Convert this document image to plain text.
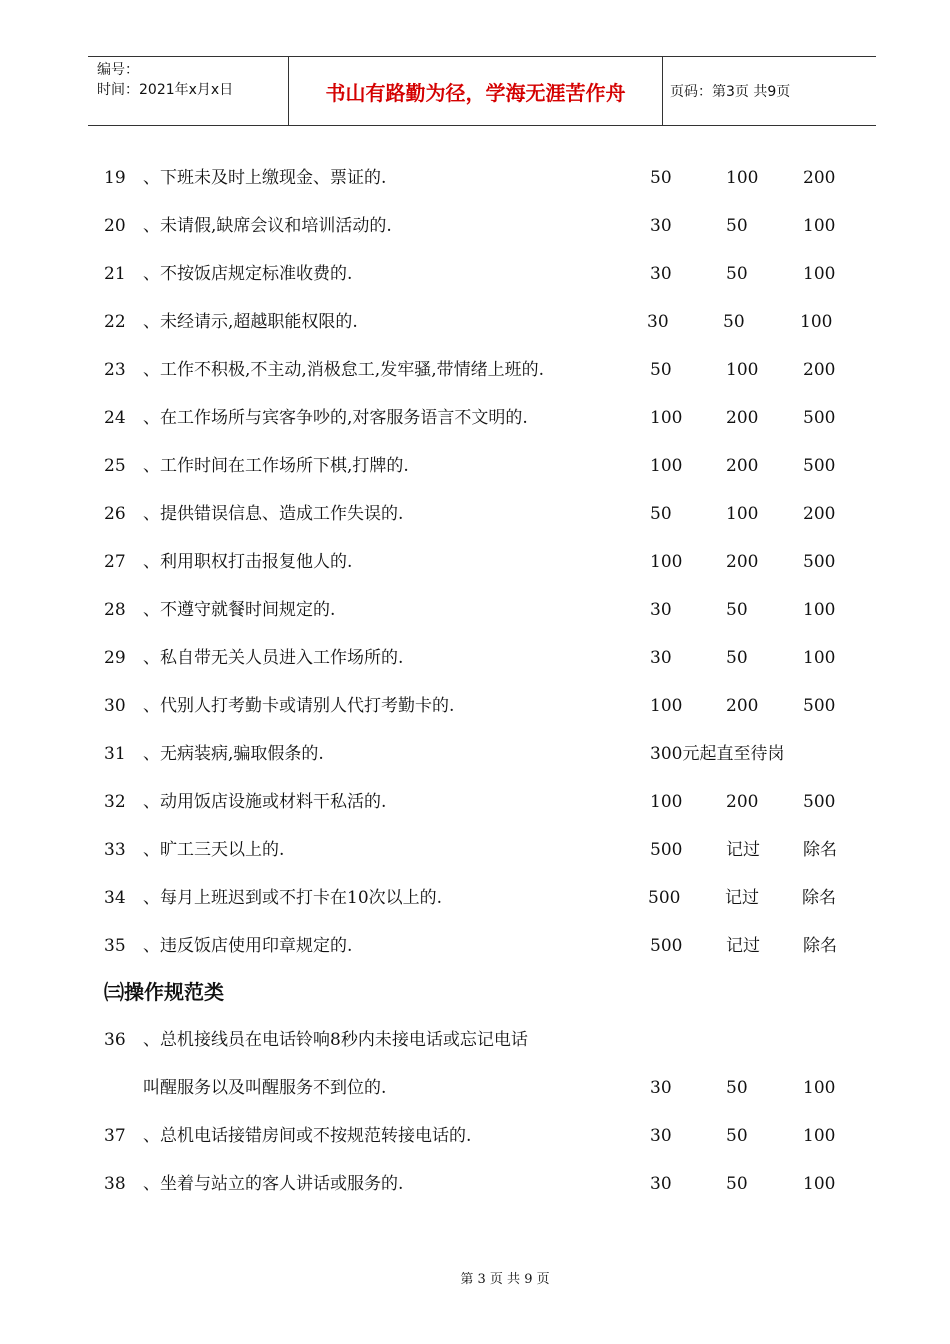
编号：
时间：2021年x月x日	书山有路勤为径，学海无涯苦作舟	页码：第3页 共9页
19 、下班未及时上缴现金、票证的.	50	100	200
20 、未请假,缺席会议和培训活动的.	30	50	100
21 、不按饭店规定标准收费的.	30	50	100
22 、未经请示,超越职能权限的.	30	50	100
23 、工作不积极,不主动,消极怠工,发牢骚,带情绪上班的.	50	100	200
24 、在工作场所与宾客争吵的,对客服务语言不文明的.	100	200	500
25 、工作时间在工作场所下棋,打牌的.	100	200	500
26 、提供错误信息、造成工作失误的.	50	100	200
27 、利用职权打击报复他人的.	100	200	500
28 、不遵守就餐时间规定的.	30	50	100
29 、私自带无关人员进入工作场所的.	30	50	100
30 、代别人打考勤卡或请别人代打考勤卡的.	100	200	500
31 、无病装病,骗取假条的.	300元起直至待岗
32 、动用饭店设施或材料干私活的.	100	200	500
33 、旷工三天以上的.	500	记过	除名
34 、每月上班迟到或不打卡在10次以上的.	500	记过	除名
35 、违反饭店使用印章规定的.	500	记过	除名
㈢操作规范类
36 、总机接线员在电话铃响8秒内未接电话或忘记电话
叫醒服务以及叫醒服务不到位的.	30	50	100
37 、总机电话接错房间或不按规范转接电话的.	30	50	100
38 、坐着与站立的客人讲话或服务的.	30	50	100
第 3 页 共 9 页
